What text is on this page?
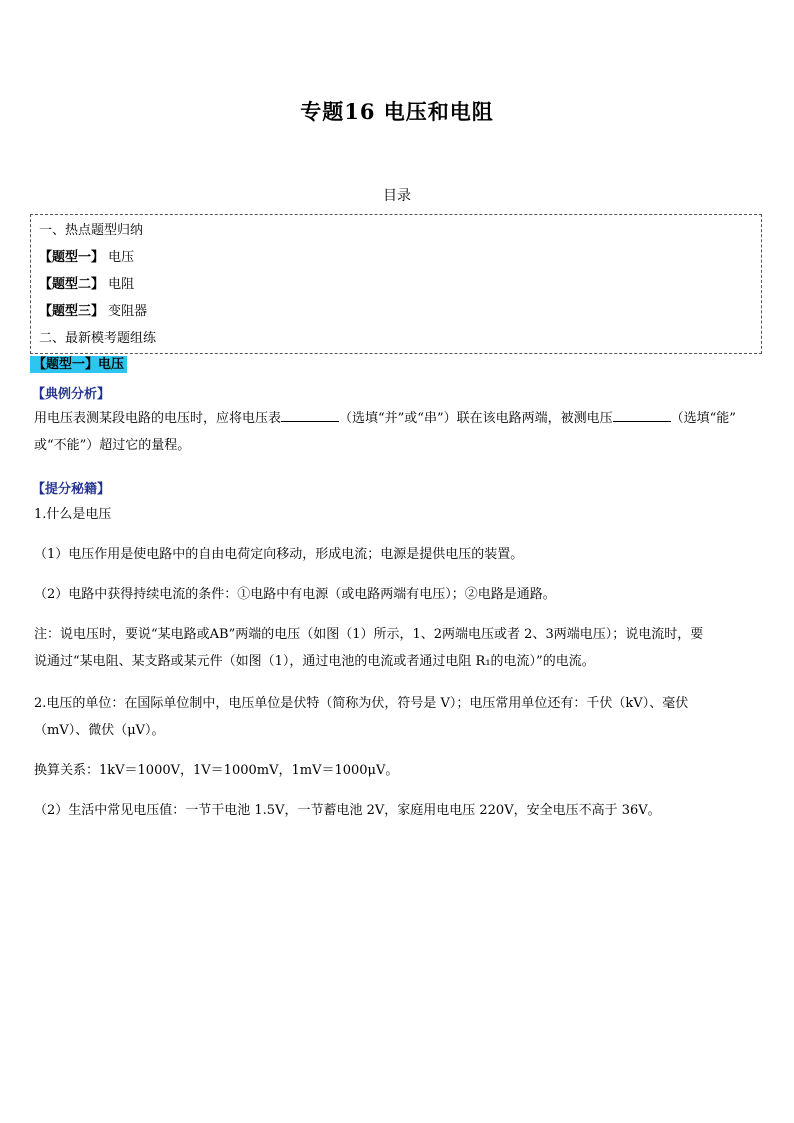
专题16 电压和电阻
目录
一、热点题型归纳
【题型一】 电压
【题型二】 电阻
【题型三】 变阻器
二、最新模考题组练
【题型一】电压
【典例分析】
用电压表测某段电路的电压时，应将电压表	（选填“并”或“串”）联在该电路两端，被测电压	（选填“能”
或“不能”）超过它的量程。
【提分秘籍】
1.什么是电压
（1）电压作用是使电路中的自由电荷定向移动，形成电流；电源是提供电压的装置。
（2）电路中获得持续电流的条件：①电路中有电源（或电路两端有电压）；②电路是通路。
注：说电压时，要说“某电路或AB”两端的电压（如图（1）所示，1、2两端电压或者 2、3两端电压）；说电流时，要
说通过“某电阻、某支路或某元件（如图（1），通过电池的电流或者通过电阻 R₁的电流）”的电流。
2.电压的单位：在国际单位制中，电压单位是伏特（简称为伏，符号是 V）；电压常用单位还有：千伏（kV）、毫伏
（mV）、微伏（μV）。
换算关系：1kV＝1000V，1V＝1000mV，1mV＝1000μV。
（2）生活中常见电压值：一节干电池 1.5V，一节蓄电池 2V，家庭用电电压 220V，安全电压不高于 36V。
